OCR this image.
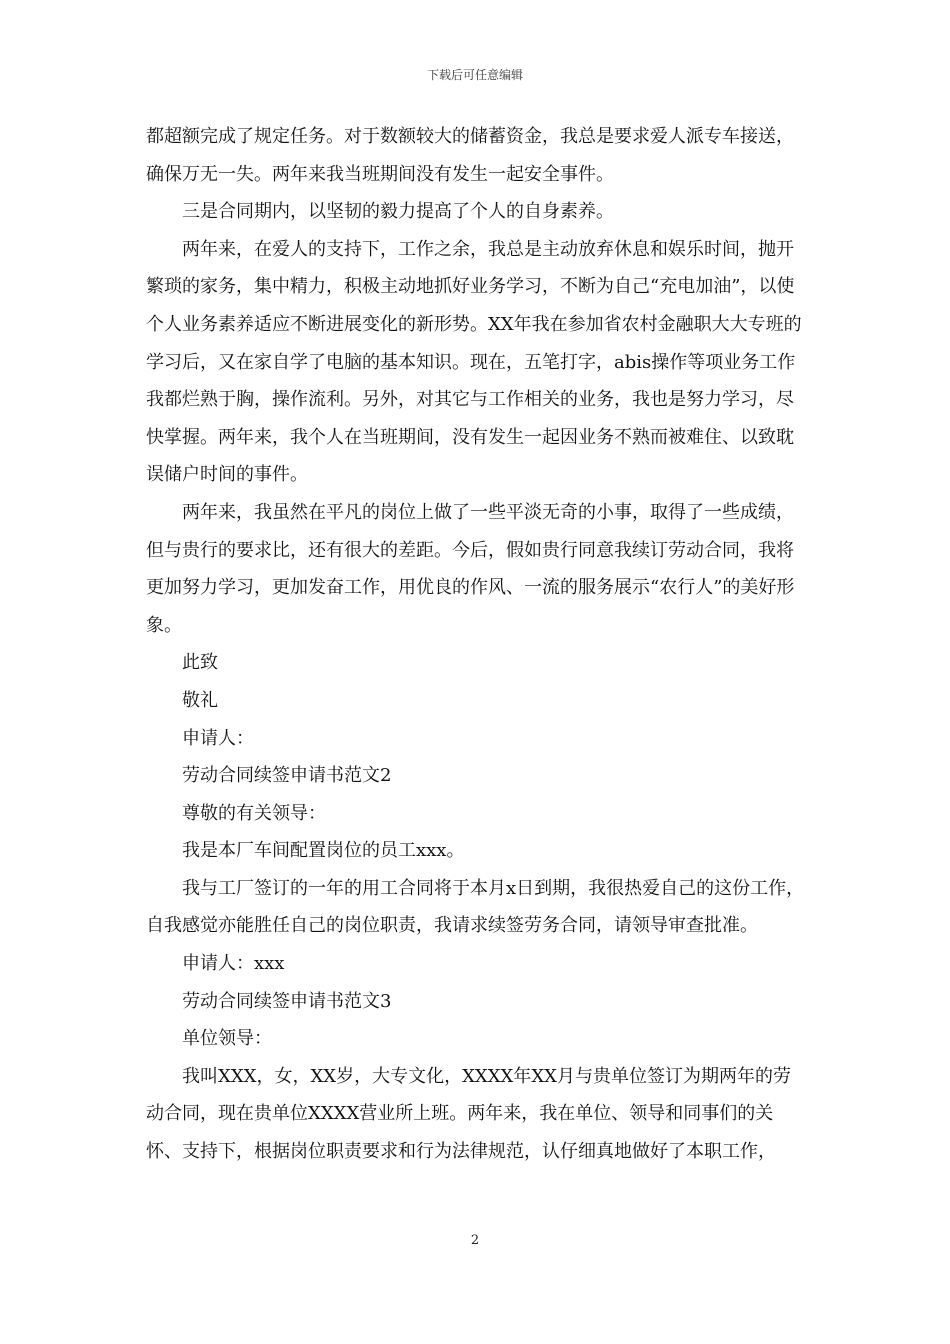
下载后可任意编辑

都超额完成了规定任务。对于数额较大的储蓄资金，我总是要求爱人派专车接送，确保万无一失。两年来我当班期间没有发生一起安全事件。

三是合同期内，以坚韧的毅力提高了个人的自身素养。

两年来，在爱人的支持下，工作之余，我总是主动放弃休息和娱乐时间，抛开繁琐的家务，集中精力，积极主动地抓好业务学习，不断为自己“充电加油”，以使个人业务素养适应不断进展变化的新形势。XX年我在参加省农村金融职大大专班的学习后，又在家自学了电脑的基本知识。现在，五笔打字，abis操作等项业务工作我都烂熟于胸，操作流利。另外，对其它与工作相关的业务，我也是努力学习，尽快掌握。两年来，我个人在当班期间，没有发生一起因业务不熟而被难住、以致耽误储户时间的事件。

两年来，我虽然在平凡的岗位上做了一些平淡无奇的小事，取得了一些成绩，但与贵行的要求比，还有很大的差距。今后，假如贵行同意我续订劳动合同，我将更加努力学习，更加发奋工作，用优良的作风、一流的服务展示“农行人”的美好形象。

此致

敬礼

申请人：

劳动合同续签申请书范文2

尊敬的有关领导：

我是本厂车间配置岗位的员工xxx。

我与工厂签订的一年的用工合同将于本月x日到期，我很热爱自己的这份工作，自我感觉亦能胜任自己的岗位职责，我请求续签劳务合同，请领导审查批准。

申请人：xxx

劳动合同续签申请书范文3

单位领导：

我叫XXX，女，XX岁，大专文化，XXXX年XX月与贵单位签订为期两年的劳动合同，现在贵单位XXXX营业所上班。两年来，我在单位、领导和同事们的关怀、支持下，根据岗位职责要求和行为法律规范，认仔细真地做好了本职工作，

2
